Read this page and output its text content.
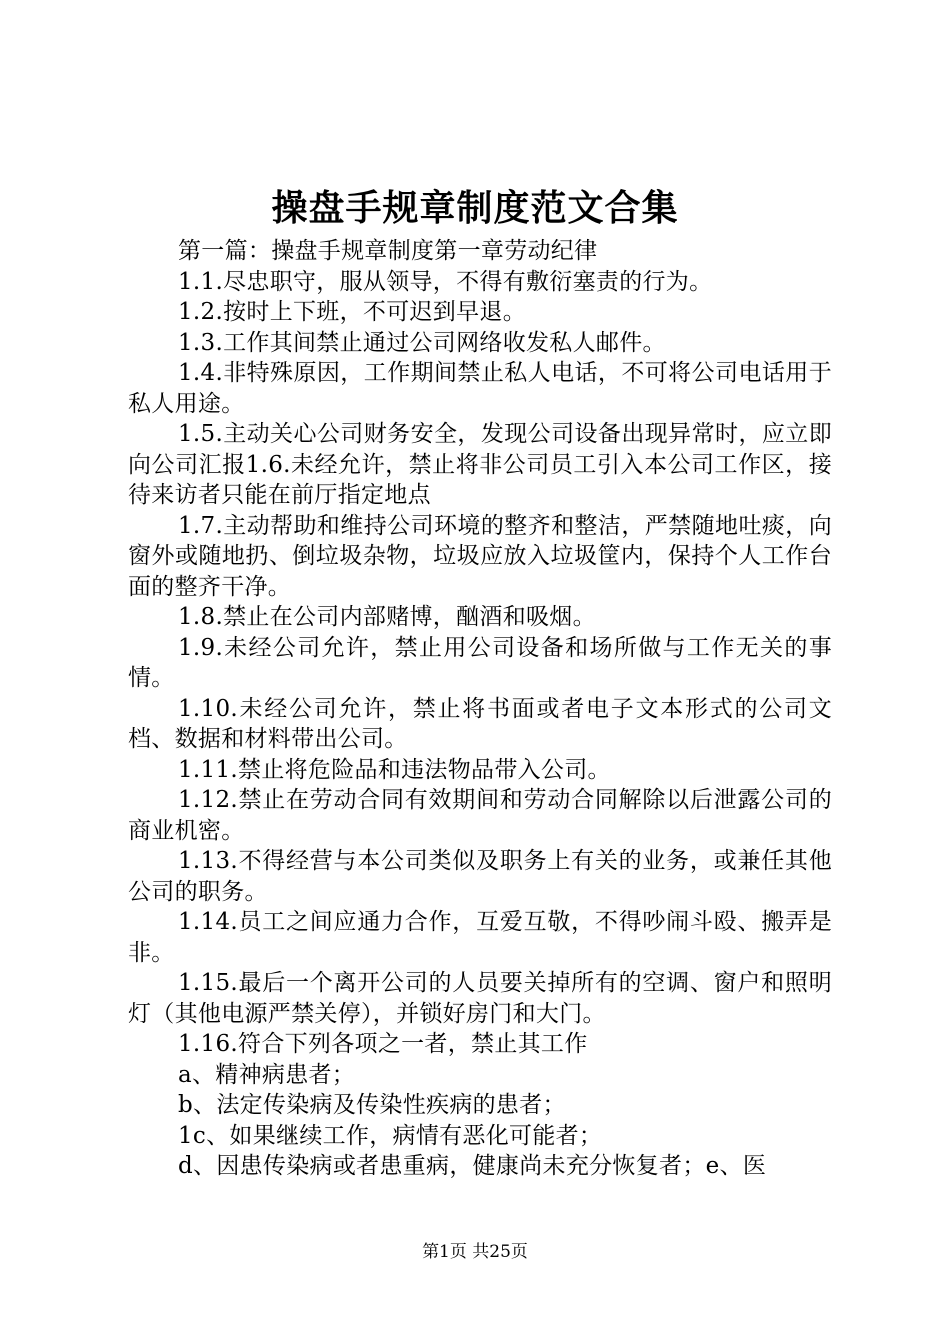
操盘手规章制度范文合集

第一篇：操盘手规章制度第一章劳动纪律

1.1.尽忠职守，服从领导，不得有敷衍塞责的行为。

1.2.按时上下班，不可迟到早退。

1.3.工作其间禁止通过公司网络收发私人邮件。

1.4.非特殊原因，工作期间禁止私人电话，不可将公司电话用于私人用途。

1.5.主动关心公司财务安全，发现公司设备出现异常时，应立即向公司汇报1.6.未经允许，禁止将非公司员工引入本公司工作区，接待来访者只能在前厅指定地点

1.7.主动帮助和维持公司环境的整齐和整洁，严禁随地吐痰，向窗外或随地扔、倒垃圾杂物，垃圾应放入垃圾筐内，保持个人工作台面的整齐干净。

1.8.禁止在公司内部赌博，酗酒和吸烟。

1.9.未经公司允许，禁止用公司设备和场所做与工作无关的事情。

1.10.未经公司允许，禁止将书面或者电子文本形式的公司文档、数据和材料带出公司。

1.11.禁止将危险品和违法物品带入公司。

1.12.禁止在劳动合同有效期间和劳动合同解除以后泄露公司的商业机密。

1.13.不得经营与本公司类似及职务上有关的业务，或兼任其他公司的职务。

1.14.员工之间应通力合作，互爱互敬，不得吵闹斗殴、搬弄是非。

1.15.最后一个离开公司的人员要关掉所有的空调、窗户和照明灯（其他电源严禁关停），并锁好房门和大门。

1.16.符合下列各项之一者，禁止其工作

a、精神病患者；

b、法定传染病及传染性疾病的患者；

1c、如果继续工作，病情有恶化可能者；

d、因患传染病或者患重病，健康尚未充分恢复者；e、医

第1页 共25页
